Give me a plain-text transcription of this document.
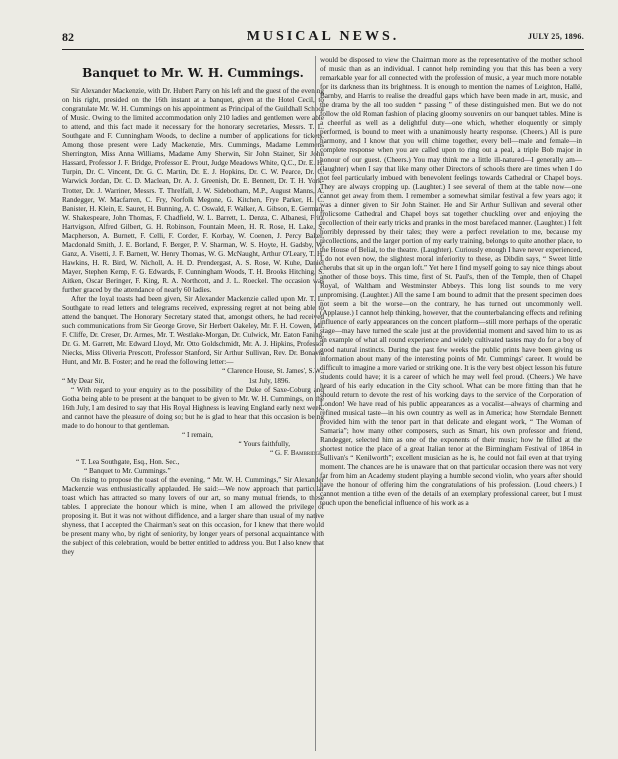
82	MUSICAL NEWS.	JULY 25, 1896.
Banquet to Mr. W. H. Cummings.

Sir Alexander Mackenzie, with Dr. Hubert Parry on his left and the guest of the evening on his right, presided on the 16th instant at a banquet, given at the Hotel Cecil, to congratulate Mr. W. H. Cummings on his appointment as Principal of the Guildhall School of Music. Owing to the limited accommodation only 210 ladies and gentlemen were able to attend, and this fact made it necessary for the honorary secretaries, Messrs. T. L. Southgate and F. Cunningham Woods, to decline a number of applications for tickets. Among those present were Lady Mackenzie, Mrs. Cummings, Madame Lemmens Sherrington, Miss Anna Williams, Madame Amy Sherwin, Sir John Stainer, Sir John Hassard, Professor J. F. Bridge, Professor E. Prout, Judge Meadows White, Q.C., Dr. E. H. Turpin, Dr. C. Vincent, Dr. G. C. Martin, Dr. E. J. Hopkins, Dr. C. W. Pearce, Dr. C. Warwick Jordan, Dr. C. D. Maclean, Dr. A. J. Greenish, Dr. E. Bennett, Dr. T. H. York-Trotter, Dr. J. Warriner, Messrs. T. Threlfall, J. W. Sidebotham, M.P., August Manns, A. Randegger, W. Macfarren, C. Fry, Norfolk Megone, G. Kitchen, Frye Parker, H. C. Banister, H. Klein, E. Sauret, H. Bunning, A. C. Oswald, F. Walker, A. Gibson, E. German, W. Shakespeare, John Thomas, F. Chadfield, W. L. Barrett, L. Denza, C. Albanesi, Fritz Hartvigson, Alfred Gilbert, G. H. Robinson, Fountain Meen, H. R. Rose, H. Lake, S. Macpherson, A. Burnett, F. Celli, F. Corder, F. Korbay, W. Coenen, J. Percy Baker, Macdonald Smith, J. E. Borland, F. Berger, P. V. Sharman, W. S. Hoyte, H. Gadsby, W. Ganz, A. Visetti, J. F. Barnett, W. Henry Thomas, W. G. McNaught, Arthur O'Leary, T. H. Hawkins, H. R. Bird, W. Nicholl, A. H. D. Prendergast, A. S. Rose, W. Kuhe, Daniel Mayer, Stephen Kemp, F. G. Edwards, F. Cunningham Woods, T. H. Brooks Hitching, S. Aitken, Oscar Beringer, F. King, R. A. Northcott, and J. L. Roeckel. The occasion was further graced by the attendance of nearly 60 ladies.

After the loyal toasts had been given, Sir Alexander Mackenzie called upon Mr. T. L. Southgate to read letters and telegrams received, expressing regret at not being able to attend the banquet. The Honorary Secretary stated that, amongst others, he had received such communications from Sir George Grove, Sir Herbert Oakeley, Mr. F. H. Cowen, Mr. F. Cliffe, Dr. Creser, Dr. Armes, Mr. T. Westlake-Morgan, Dr. Culwick, Mr. Eaton Faning, Dr. G. M. Garrett, Mr. Edward Lloyd, Mr. Otto Goldschmidt, Mr. A. J. Hipkins, Professor Niecks, Miss Oliveria Prescott, Professor Stanford, Sir Arthur Sullivan, Rev. Dr. Bonavia Hunt, and Mr. B. Foster; and he read the following letter:—

“ Clarence House, St. James', S.W.,

“ My Dear Sir,	1st July, 1896.

“ With regard to your enquiry as to the possibility of the Duke of Saxe-Coburg and Gotha being able to be present at the banquet to be given to Mr. W. H. Cummings, on the 16th July, I am desired to say that His Royal Highness is leaving England early next week, and cannot have the pleasure of doing so; but he is glad to hear that this occasion is being made to do honour to that gentleman.

“ I remain,

“ Yours faithfully,

“ G. F. Bambridge.

“ T. Lea Southgate, Esq., Hon. Sec.,

“ Banquet to Mr. Cummings.”

On rising to propose the toast of the evening, “ Mr. W. H. Cummings,” Sir Alexander Mackenzie was enthusiastically applauded. He said:—We now approach that particular toast which has attracted so many lovers of our art, so many mutual friends, to these tables. I appreciate the honour which is mine, when I am allowed the privilege of proposing it. But it was not without diffidence, and a larger share than usual of my native shyness, that I accepted the Chairman's seat on this occasion, for I knew that there would be present many who, by right of seniority, by longer years of personal acquaintance with the subject of this celebration, would be better entitled to address you. But I also knew that they

would be disposed to view the Chairman more as the representative of the mother school of music than as an individual. I cannot help reminding you that this has been a very remarkable year for all connected with the profession of music, a year much more notable for its darkness than its brightness. It is enough to mention the names of Leighton, Hallé, Barnby, and Harris to realise the dreadful gaps which have been made in art, music, and the drama by the all too sudden “ passing ” of these distinguished men. But we do not follow the old Roman fashion of placing gloomy souvenirs on our banquet tables. Mine is a cheerful as well as a delightful duty—one which, whether eloquently or simply performed, is bound to meet with a unanimously hearty response. (Cheers.) All is pure harmony, and I know that you will chime together, every bell—male and female—in complete response when you are called upon to ring out a peal, a triple Bob major in honour of our guest. (Cheers.) You may think me a little ill-natured—I generally am—(laughter) when I say that like many other Directors of schools there are times when I do not feel particularly imbued with benevolent feelings towards Cathedral or Chapel boys. They are always cropping up. (Laughter.) I see several of them at the table now—one cannot get away from them. I remember a somewhat similar festival a few years ago; it was a dinner given to Sir John Stainer. He and Sir Arthur Sullivan and several other frolicsome Cathedral and Chapel boys sat together chuckling over and enjoying the recollection of their early tricks and pranks in the most barefaced manner. (Laughter.) I felt horribly depressed by their tales; they were a perfect revelation to me, because my recollections, and the larger portion of my early training, belongs to quite another place, to the House of Belial, to the theatre. (Laughter). Curiously enough I have never experienced, I do not even now, the slightest moral inferiority to these, as Dibdin says, “ Sweet little cherubs that sit up in the organ loft.” Yet here I find myself going to say nice things about another of those boys. This time, first of St. Paul's, then of the Temple, then of Chapel Royal, of Waltham and Westminster Abbeys. This long list sounds to me very unpromising. (Laughter.) All the same I am bound to admit that the present specimen does not seem a bit the worse—on the contrary, he has turned out uncommonly well. (Applause.) I cannot help thinking, however, that the counterbalancing effects and refining influence of early appearances on the concert platform—still more perhaps of the operatic stage—may have turned the scale just at the providential moment and saved him to us as an example of what all round experience and widely cultivated tastes may do for a boy of good natural instincts. During the past few weeks the public prints have been giving us information about many of the interesting points of Mr. Cummings' career. It would be difficult to imagine a more varied or striking one. It is the very best object lesson his future students could have; it is a career of which he may well feel proud. (Cheers.) We have heard of his early education in the City school. What can be more fitting than that he should return to devote the rest of his working days to the service of the Corporation of London! We have read of his public appearances as a vocalist—always of charming and refined musical taste—in his own country as well as in America; how Sterndale Bennett provided him with the tenor part in that delicate and elegant work, “ The Woman of Samaria”; how many other composers, such as Smart, his own professor and friend, Randegger, selected him as one of the exponents of their music; how he filled at the shortest notice the place of a great Italian tenor at the Birmingham Festival of 1864 in Sullivan's “ Kenilworth”; excellent musician as he is, he could not fail even at that trying moment. The chances are he is unaware that on that particular occasion there was not very far from him an Academy student playing a humble second violin, who years after should have the honour of offering him the congratulations of his profession. (Loud cheers.) I cannot mention a tithe even of the details of an exemplary professional career, but I must touch upon the beneficial influence of his work as a
